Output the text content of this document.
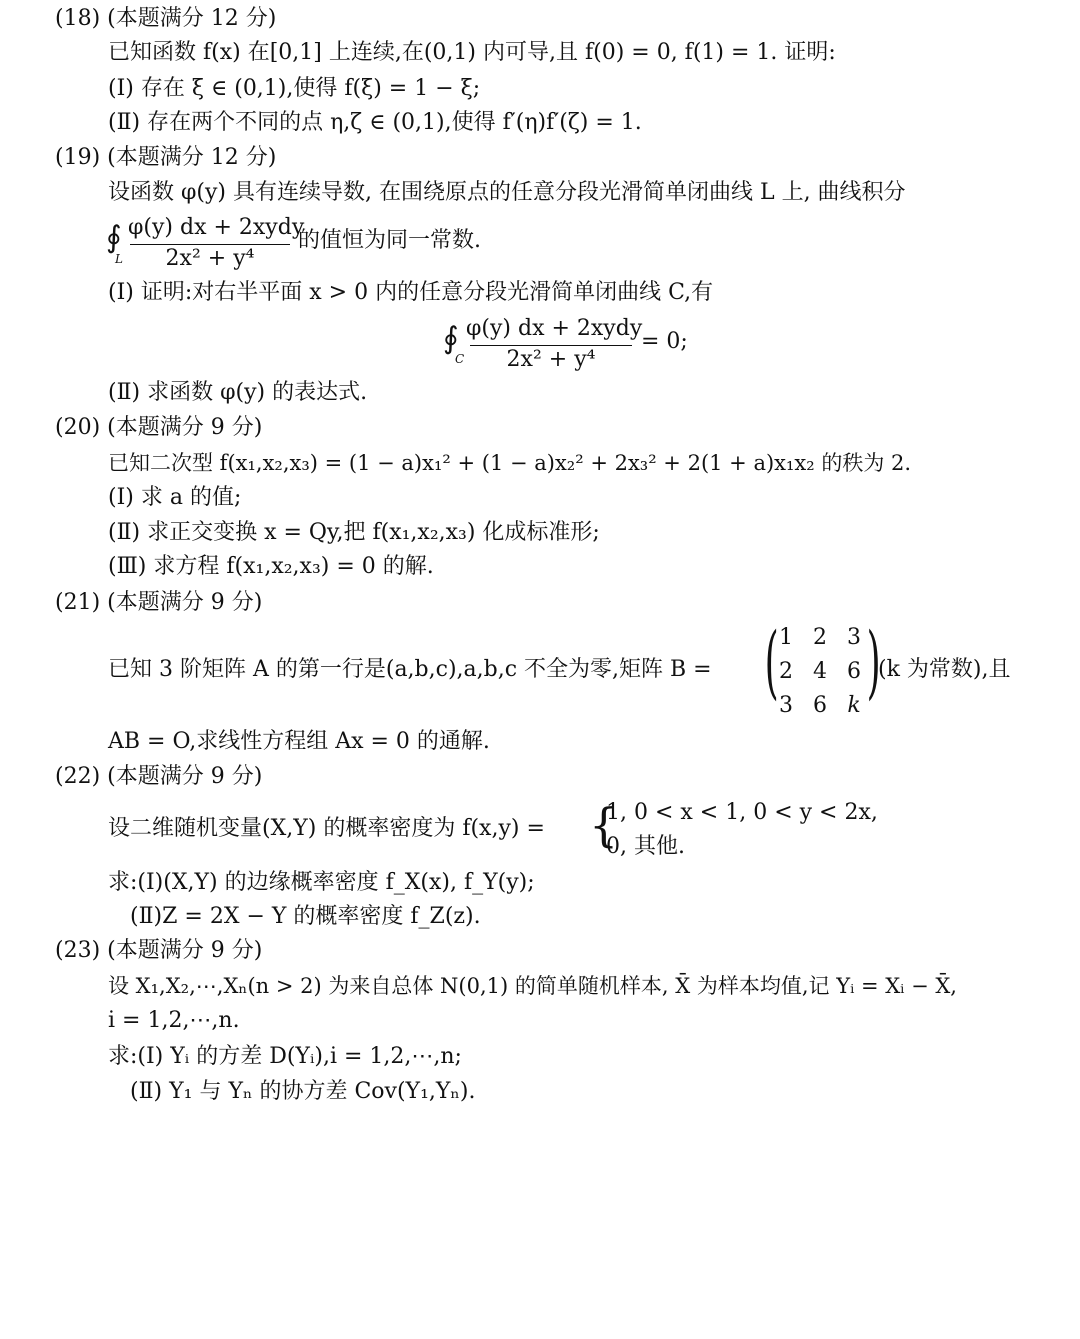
(18) (本题满分 12 分)
已知函数 f(x) 在[0,1] 上连续,在(0,1) 内可导,且 f(0) = 0, f(1) = 1. 证明:
(Ⅰ) 存在 ξ ∈ (0,1),使得 f(ξ) = 1 − ξ;
(Ⅱ) 存在两个不同的点 η,ζ ∈ (0,1),使得 f′(η)f′(ζ) = 1.
(19) (本题满分 12 分)
设函数 φ(y) 具有连续导数, 在围绕原点的任意分段光滑简单闭曲线 L 上, 曲线积分
∮
L
φ(y) dx + 2xydy
2x² + y⁴
的值恒为同一常数.
(Ⅰ) 证明:对右半平面 x > 0 内的任意分段光滑简单闭曲线 C,有
∮
C
φ(y) dx + 2xydy
2x² + y⁴
= 0;
(Ⅱ) 求函数 φ(y) 的表达式.
(20) (本题满分 9 分)
已知二次型 f(x₁,x₂,x₃) = (1 − a)x₁² + (1 − a)x₂² + 2x₃² + 2(1 + a)x₁x₂ 的秩为 2.
(Ⅰ) 求 a 的值;
(Ⅱ) 求正交变换 x = Qy,把 f(x₁,x₂,x₃) 化成标准形;
(Ⅲ) 求方程 f(x₁,x₂,x₃) = 0 的解.
(21) (本题满分 9 分)
已知 3 阶矩阵 A 的第一行是(a,b,c),a,b,c 不全为零,矩阵 B = ( 1 2 3
2 4 6
3 6 k )
(k 为常数),且
AB = O,求线性方程组 Ax = 0 的通解.
(22) (本题满分 9 分)
设二维随机变量(X,Y) 的概率密度为 f(x,y) = {
1, 0 < x < 1, 0 < y < 2x,
0, 其他.
求:(Ⅰ)(X,Y) 的边缘概率密度 f_X(x), f_Y(y);
(Ⅱ)Z = 2X − Y 的概率密度 f_Z(z).
(23) (本题满分 9 分)
设 X₁,X₂,⋯,Xₙ(n > 2) 为来自总体 N(0,1) 的简单随机样本, X̄ 为样本均值,记 Yᵢ = Xᵢ − X̄,
i = 1,2,⋯,n.
求:(Ⅰ) Yᵢ 的方差 D(Yᵢ),i = 1,2,⋯,n;
(Ⅱ) Y₁ 与 Yₙ 的协方差 Cov(Y₁,Yₙ).
